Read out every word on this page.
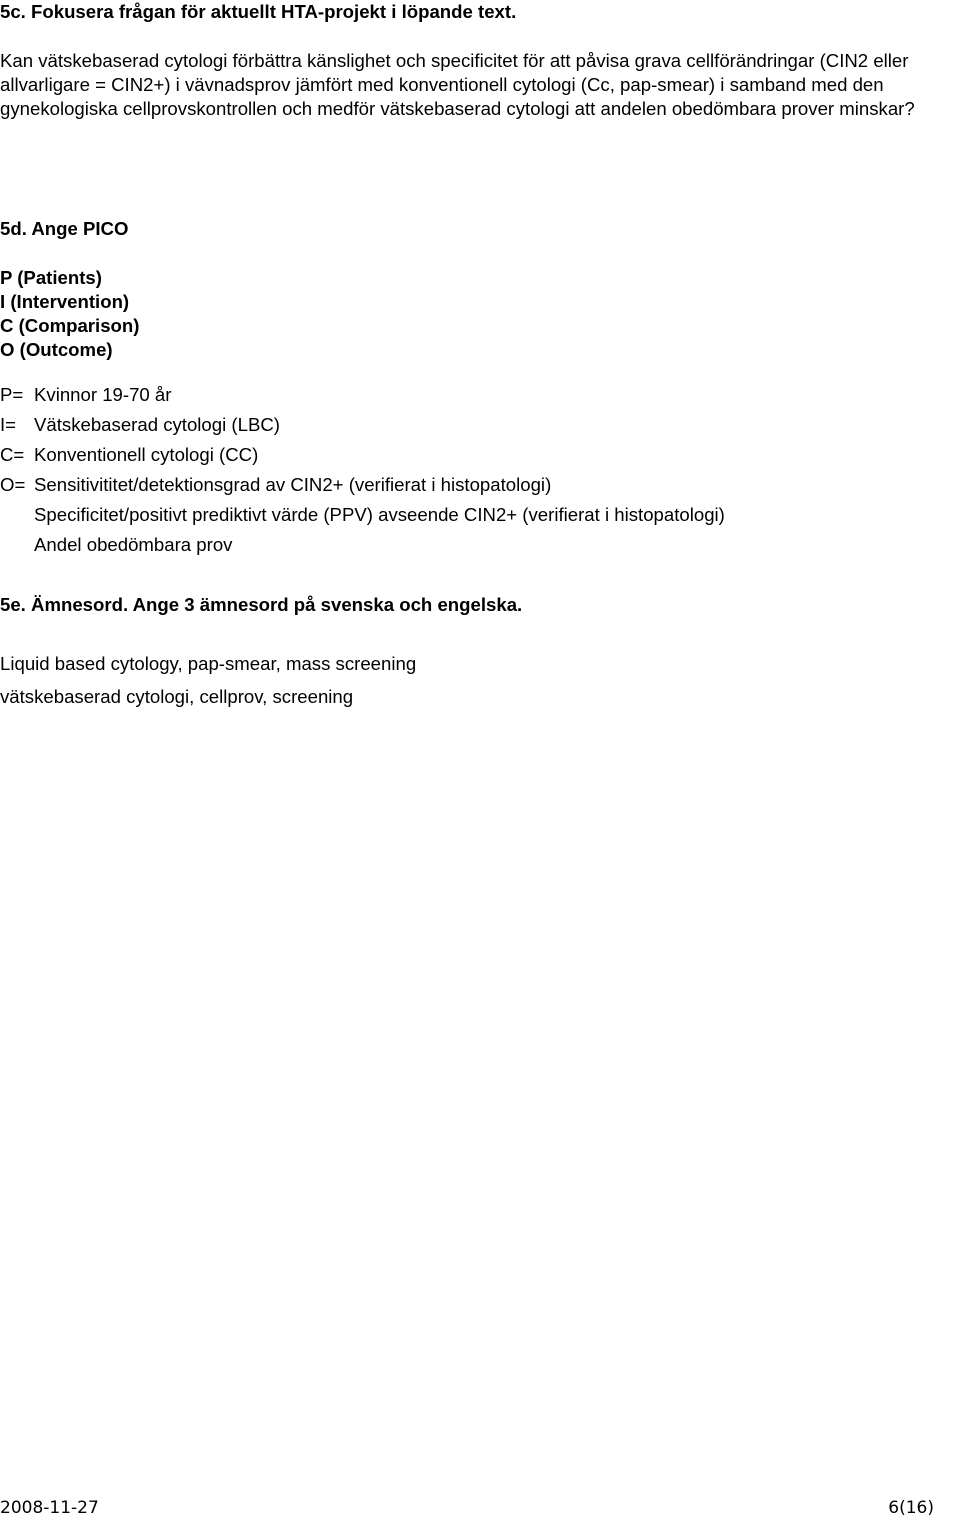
5c. Fokusera frågan för aktuellt HTA-projekt i löpande text.
Kan vätskebaserad cytologi förbättra känslighet och specificitet för att påvisa grava cellförändringar (CIN2 eller allvarligare = CIN2+) i vävnadsprov jämfört med konventionell cytologi (Cc, pap-smear) i samband med den gynekologiska cellprovskontrollen och medför vätskebaserad cytologi att andelen obedömbara prover minskar?
5d. Ange PICO
P (Patients)
I (Intervention)
C (Comparison)
O (Outcome)
P= Kvinnor 19-70 år
I= Vätskebaserad cytologi (LBC)
C= Konventionell cytologi (CC)
O= Sensitivititet/detektionsgrad av CIN2+ (verifierat i histopatologi)
Specificitet/positivt prediktivt värde (PPV) avseende CIN2+ (verifierat i histopatologi)
Andel obedömbara prov
5e. Ämnesord. Ange 3 ämnesord på svenska och engelska.
Liquid based cytology, pap-smear, mass screening
vätskebaserad cytologi, cellprov, screening
2008-11-27	6(16)
